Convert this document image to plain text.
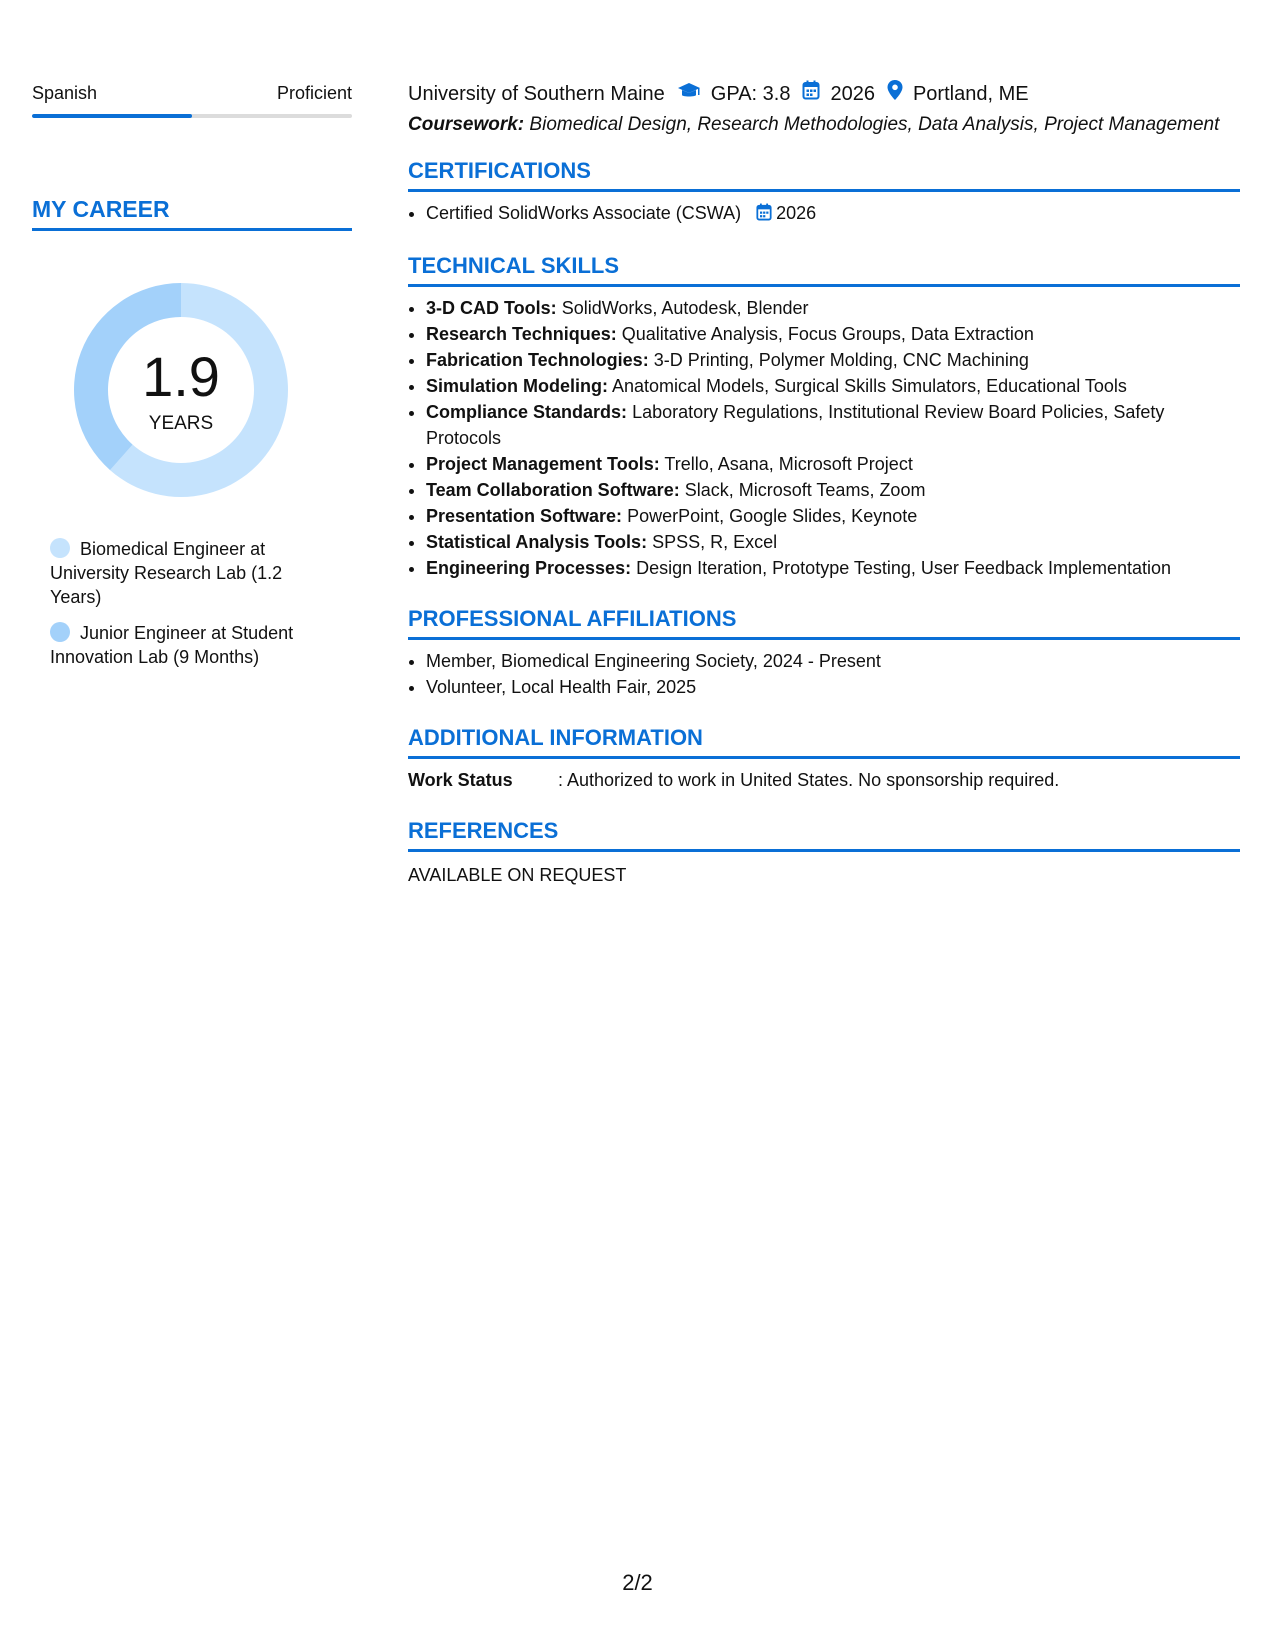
Spanish	Proficient
MY CAREER
1.9
YEARS
Biomedical Engineer at University Research Lab (1.2 Years)
Junior Engineer at Student Innovation Lab (9 Months)
University of Southern Maine GPA: 3.8 2026 Portland, ME
Coursework: Biomedical Design, Research Methodologies, Data Analysis, Project Management
CERTIFICATIONS
• Certified SolidWorks Associate (CSWA) 2026
TECHNICAL SKILLS
• 3-D CAD Tools: SolidWorks, Autodesk, Blender
• Research Techniques: Qualitative Analysis, Focus Groups, Data Extraction
• Fabrication Technologies: 3-D Printing, Polymer Molding, CNC Machining
• Simulation Modeling: Anatomical Models, Surgical Skills Simulators, Educational Tools
• Compliance Standards: Laboratory Regulations, Institutional Review Board Policies, Safety Protocols
• Project Management Tools: Trello, Asana, Microsoft Project
• Team Collaboration Software: Slack, Microsoft Teams, Zoom
• Presentation Software: PowerPoint, Google Slides, Keynote
• Statistical Analysis Tools: SPSS, R, Excel
• Engineering Processes: Design Iteration, Prototype Testing, User Feedback Implementation
PROFESSIONAL AFFILIATIONS
• Member, Biomedical Engineering Society, 2024 - Present
• Volunteer, Local Health Fair, 2025
ADDITIONAL INFORMATION
Work Status	: Authorized to work in United States. No sponsorship required.
REFERENCES
AVAILABLE ON REQUEST
2/2
